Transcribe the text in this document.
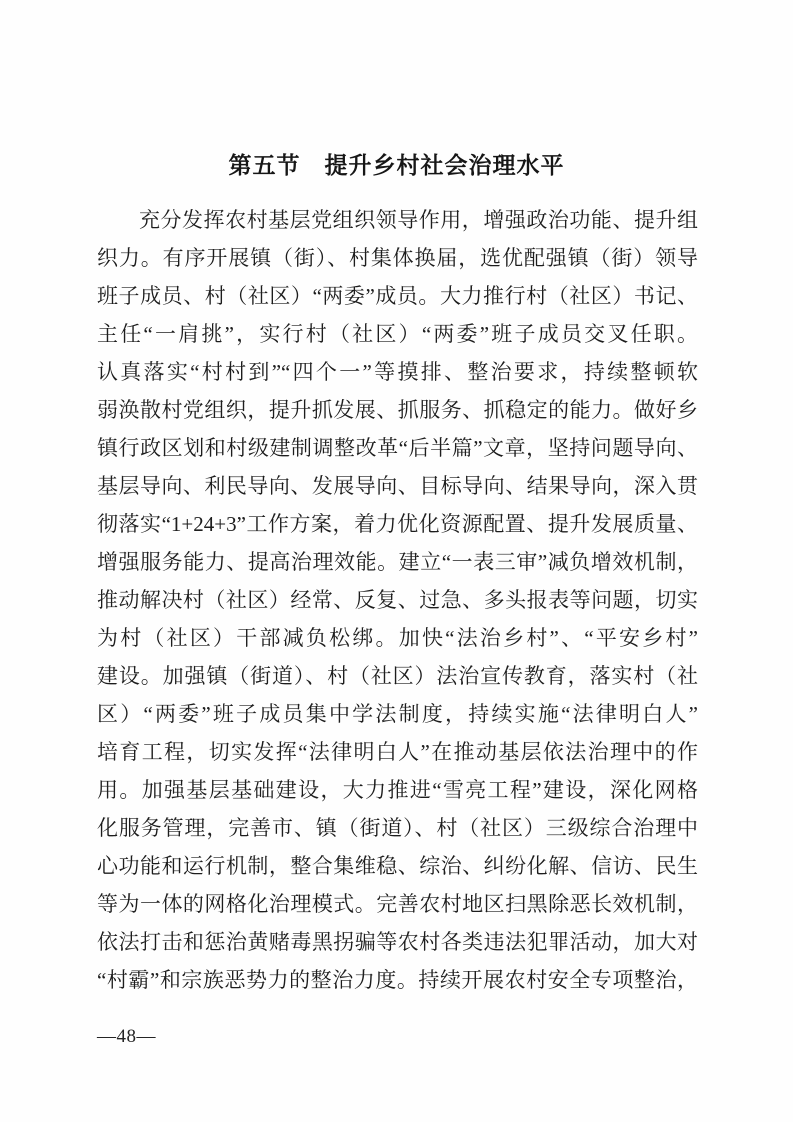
第五节　提升乡村社会治理水平
充分发挥农村基层党组织领导作用，增强政治功能、提升组
织力。有序开展镇（街）、村集体换届，选优配强镇（街）领导
班子成员、村（社区）“两委”成员。大力推行村（社区）书记、
主任“一肩挑”，实行村（社区）“两委”班子成员交叉任职。
认真落实“村村到”“四个一”等摸排、整治要求，持续整顿软
弱涣散村党组织，提升抓发展、抓服务、抓稳定的能力。做好乡
镇行政区划和村级建制调整改革“后半篇”文章，坚持问题导向、
基层导向、利民导向、发展导向、目标导向、结果导向，深入贯
彻落实“1+24+3”工作方案，着力优化资源配置、提升发展质量、
增强服务能力、提高治理效能。建立“一表三审”减负增效机制，
推动解决村（社区）经常、反复、过急、多头报表等问题，切实
为村（社区）干部减负松绑。加快“法治乡村”、“平安乡村”
建设。加强镇（街道）、村（社区）法治宣传教育，落实村（社
区）“两委”班子成员集中学法制度，持续实施“法律明白人”
培育工程，切实发挥“法律明白人”在推动基层依法治理中的作
用。加强基层基础建设，大力推进“雪亮工程”建设，深化网格
化服务管理，完善市、镇（街道）、村（社区）三级综合治理中
心功能和运行机制，整合集维稳、综治、纠纷化解、信访、民生
等为一体的网格化治理模式。完善农村地区扫黑除恶长效机制，
依法打击和惩治黄赌毒黑拐骗等农村各类违法犯罪活动，加大对
“村霸”和宗族恶势力的整治力度。持续开展农村安全专项整治，
—48—
